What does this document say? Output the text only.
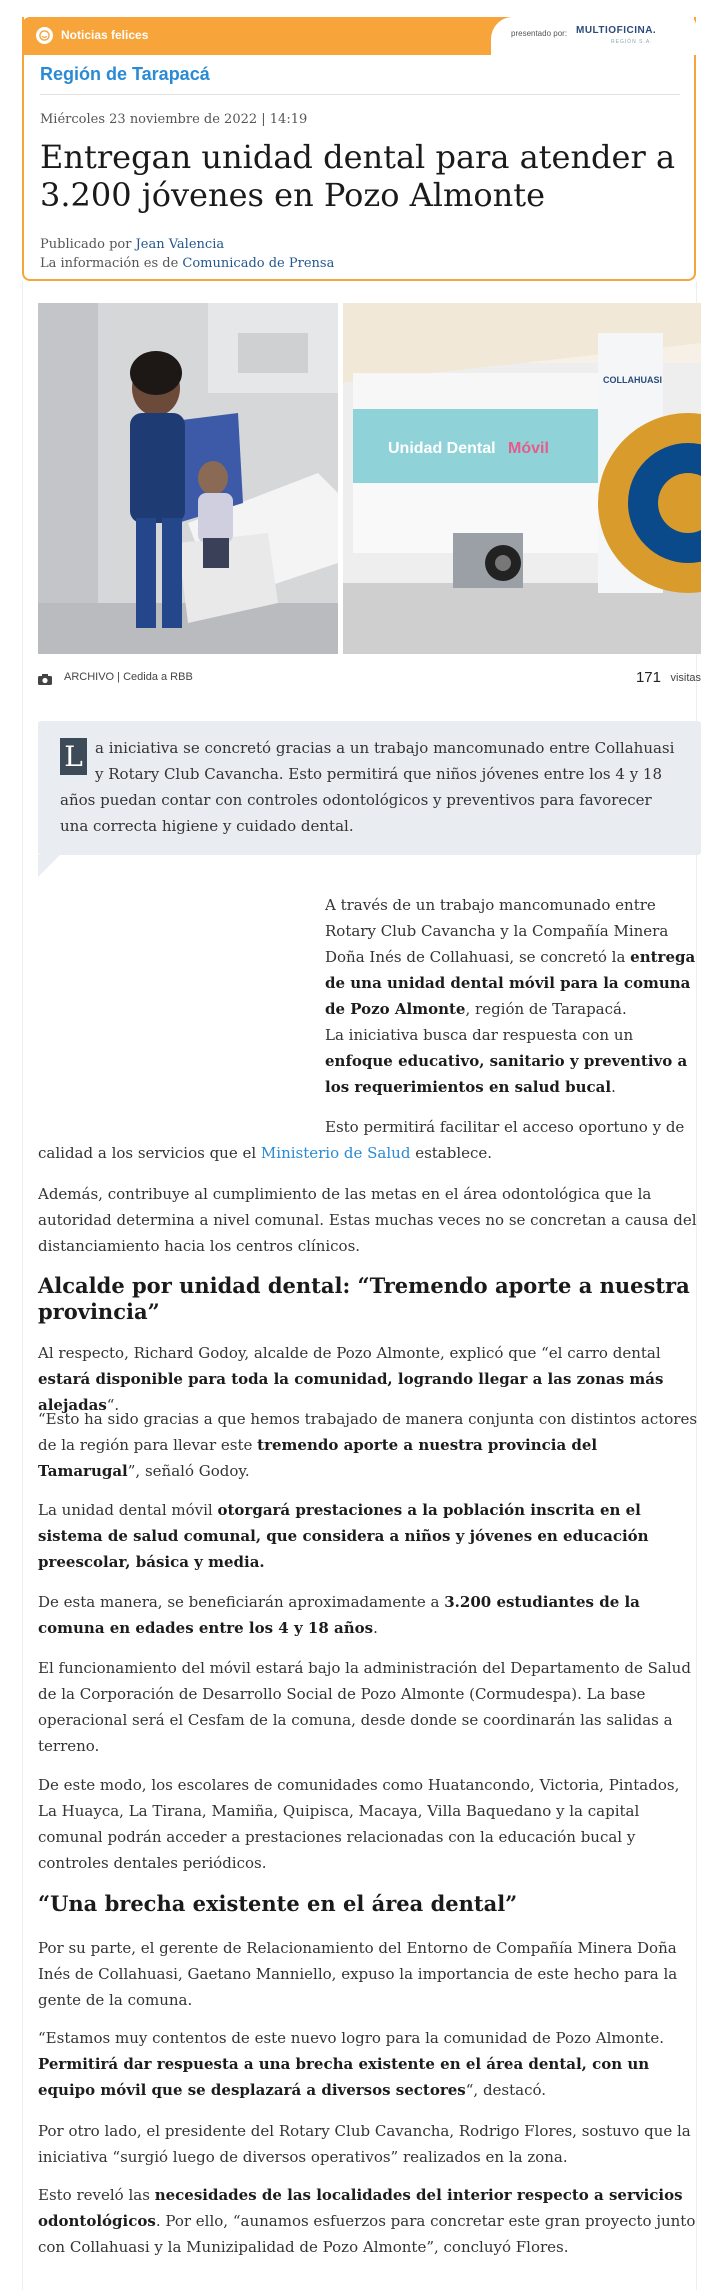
Noticias felices	presentado por: MULTIOFICINA.
REGIÓN S.A.
Región de Tarapacá
Miércoles 23 noviembre de 2022 | 14:19
Entregan unidad dental para atender a 3.200 jóvenes en Pozo Almonte
Publicado por Jean Valencia
La información es de Comunicado de Prensa
Unidad Dental Móvil
COLLAHUASI
ARCHIVO | Cedida a RBB	171 visitas
L a iniciativa se concretó gracias a un trabajo mancomunado entre Collahuasi y Rotary Club Cavancha. Esto permitirá que niños jóvenes entre los 4 y 18 años puedan contar con controles odontológicos y preventivos para favorecer una correcta higiene y cuidado dental.

A través de un trabajo mancomunado entre Rotary Club Cavancha y la Compañía Minera Doña Inés de Collahuasi, se concretó la entrega de una unidad dental móvil para la comuna de Pozo Almonte, región de Tarapacá.

La iniciativa busca dar respuesta con un enfoque educativo, sanitario y preventivo a los requerimientos en salud bucal.

Esto permitirá facilitar el acceso oportuno y de

calidad a los servicios que el Ministerio de Salud establece.

Además, contribuye al cumplimiento de las metas en el área odontológica que la autoridad determina a nivel comunal. Estas muchas veces no se concretan a causa del distanciamiento hacia los centros clínicos.

Alcalde por unidad dental: “Tremendo aporte a nuestra provincia”

Al respecto, Richard Godoy, alcalde de Pozo Almonte, explicó que “el carro dental estará disponible para toda la comunidad, logrando llegar a las zonas más alejadas“.

“Esto ha sido gracias a que hemos trabajado de manera conjunta con distintos actores de la región para llevar este tremendo aporte a nuestra provincia del Tamarugal”, señaló Godoy.

La unidad dental móvil otorgará prestaciones a la población inscrita en el sistema de salud comunal, que considera a niños y jóvenes en educación preescolar, básica y media.

De esta manera, se beneficiarán aproximadamente a 3.200 estudiantes de la comuna en edades entre los 4 y 18 años.

El funcionamiento del móvil estará bajo la administración del Departamento de Salud de la Corporación de Desarrollo Social de Pozo Almonte (Cormudespa). La base operacional será el Cesfam de la comuna, desde donde se coordinarán las salidas a terreno.

De este modo, los escolares de comunidades como Huatancondo, Victoria, Pintados, La Huayca, La Tirana, Mamiña, Quipisca, Macaya, Villa Baquedano y la capital comunal podrán acceder a prestaciones relacionadas con la educación bucal y controles dentales periódicos.

“Una brecha existente en el área dental”

Por su parte, el gerente de Relacionamiento del Entorno de Compañía Minera Doña Inés de Collahuasi, Gaetano Manniello, expuso la importancia de este hecho para la gente de la comuna.

“Estamos muy contentos de este nuevo logro para la comunidad de Pozo Almonte. Permitirá dar respuesta a una brecha existente en el área dental, con un equipo móvil que se desplazará a diversos sectores“, destacó.

Por otro lado, el presidente del Rotary Club Cavancha, Rodrigo Flores, sostuvo que la iniciativa “surgió luego de diversos operativos” realizados en la zona.

Esto reveló las necesidades de las localidades del interior respecto a servicios odontológicos. Por ello, “aunamos esfuerzos para concretar este gran proyecto junto con Collahuasi y la Munizipalidad de Pozo Almonte”, concluyó Flores.
